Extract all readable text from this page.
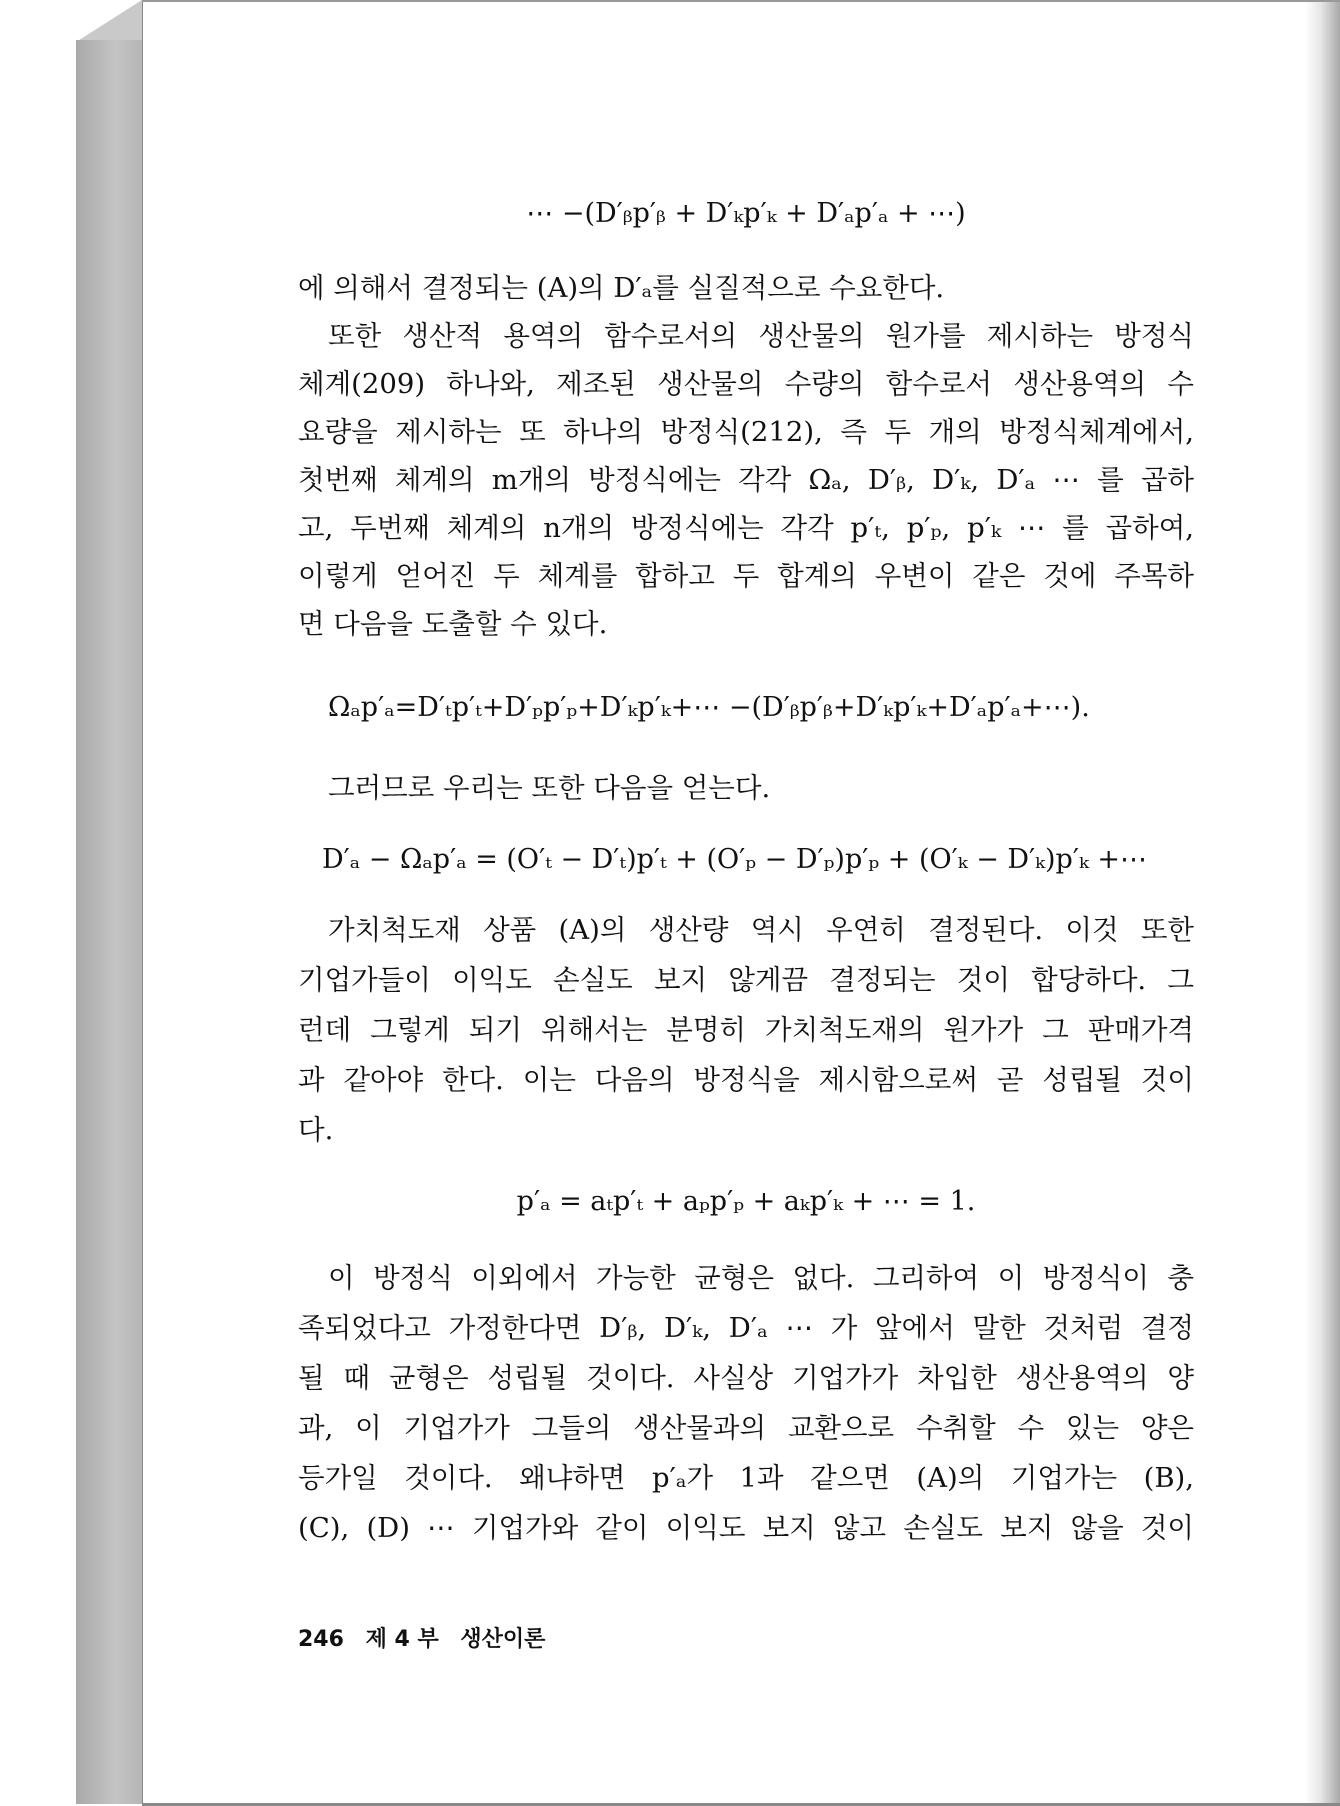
⋯ −(D′ᵦp′ᵦ + D′ₖp′ₖ + D′ₐp′ₐ + ⋯)
에 의해서 결정되는 (A)의 D′ₐ를 실질적으로 수요한다.
또한 생산적 용역의 함수로서의 생산물의 원가를 제시하는 방정식
체계(209) 하나와, 제조된 생산물의 수량의 함수로서 생산용역의 수
요량을 제시하는 또 하나의 방정식(212), 즉 두 개의 방정식체계에서,
첫번째 체계의 m개의 방정식에는 각각 Ωₐ, D′ᵦ, D′ₖ, D′ₐ ⋯ 를 곱하
고, 두번째 체계의 n개의 방정식에는 각각 p′ₜ, p′ₚ, p′ₖ ⋯ 를 곱하여,
이렇게 얻어진 두 체계를 합하고 두 합계의 우변이 같은 것에 주목하
면 다음을 도출할 수 있다.
Ωₐp′ₐ=D′ₜp′ₜ+D′ₚp′ₚ+D′ₖp′ₖ+⋯ −(D′ᵦp′ᵦ+D′ₖp′ₖ+D′ₐp′ₐ+⋯).
그러므로 우리는 또한 다음을 얻는다.
D′ₐ − Ωₐp′ₐ = (O′ₜ − D′ₜ)p′ₜ + (O′ₚ − D′ₚ)p′ₚ + (O′ₖ − D′ₖ)p′ₖ +⋯
가치척도재 상품 (A)의 생산량 역시 우연히 결정된다. 이것 또한
기업가들이 이익도 손실도 보지 않게끔 결정되는 것이 합당하다. 그
런데 그렇게 되기 위해서는 분명히 가치척도재의 원가가 그 판매가격
과 같아야 한다. 이는 다음의 방정식을 제시함으로써 곧 성립될 것이
다.
p′ₐ = aₜp′ₜ + aₚp′ₚ + aₖp′ₖ + ⋯ = 1.
이 방정식 이외에서 가능한 균형은 없다. 그리하여 이 방정식이 충
족되었다고 가정한다면 D′ᵦ, D′ₖ, D′ₐ ⋯ 가 앞에서 말한 것처럼 결정
될 때 균형은 성립될 것이다. 사실상 기업가가 차입한 생산용역의 양
과, 이 기업가가 그들의 생산물과의 교환으로 수취할 수 있는 양은
등가일 것이다. 왜냐하면 p′ₐ가 1과 같으면 (A)의 기업가는 (B),
(C), (D) ⋯ 기업가와 같이 이익도 보지 않고 손실도 보지 않을 것이
246 제 4 부 생산이론
